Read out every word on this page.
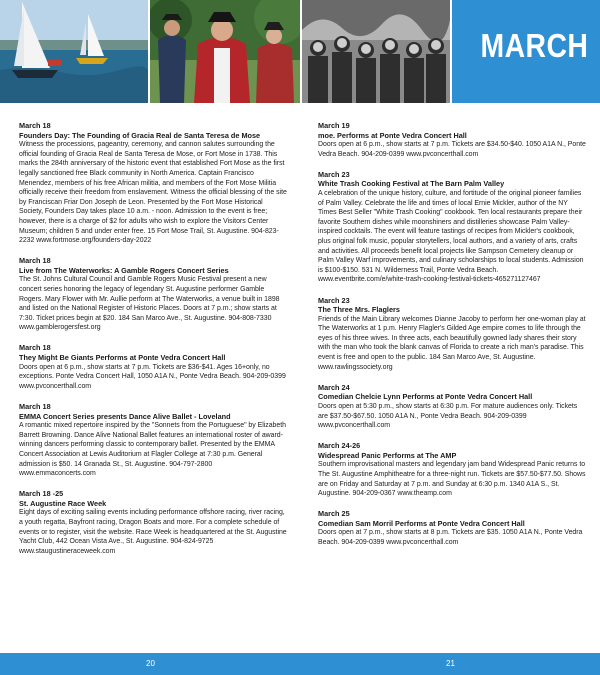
MARCH
March 18
Founders Day: The Founding of Gracia Real de Santa Teresa de Mose
Witness the processions, pageantry, ceremony, and cannon salutes surrounding the official founding of Gracia Real de Santa Teresa de Mose, or Fort Mose in 1738. This marks the 284th anniversary of the historic event that established Fort Mose as the first legally sanctioned free Black community in North America. Captain Francisco Menendez, members of his free African militia, and members of the Fort Mose Militia officially receive their freedom from enslavement. Witness the official blessing of the site by Franciscan Friar Don Joseph de Leon. Presented by the Fort Mose Historical Society, Founders Day takes place 10 a.m. - noon. Admission to the event is free; however, there is a charge of $2 for adults who wish to explore the Visitors Center Museum; children 5 and under enter free. 15 Fort Mose Trail, St. Augustine. 904-823-2232 www.fortmose.org/founders-day-2022
March 18
Live from The Waterworks: A Gamble Rogers Concert Series
The St. Johns Cultural Council and Gamble Rogers Music Festival present a new concert series honoring the legacy of legendary St. Augustine performer Gamble Rogers. Mary Flower with Mr. Aullie perform at The Waterworks, a venue built in 1898 and listed on the National Register of Historic Places. Doors at 7 p.m.; show starts at 7:30. Ticket prices begin at $20. 184 San Marco Ave., St. Augustine. 904-808-7330 www.gamblerogersfest.org
March 18
They Might Be Giants Performs at Ponte Vedra Concert Hall
Doors open at 6 p.m., show starts at 7 p.m. Tickets are $36-$41. Ages 16+only, no exceptions. Ponte Vedra Concert Hall, 1050 A1A N., Ponte Vedra Beach. 904-209-0399 www.pvconcerthall.com
March 18
EMMA Concert Series presents Dance Alive Ballet - Loveland
A romantic mixed repertoire inspired by the "Sonnets from the Portuguese" by Elizabeth Barrett Browning. Dance Alive National Ballet features an international roster of award-winning dancers performing classic to contemporary ballet. Presented by the EMMA Concert Association at Lewis Auditorium at Flagler College at 7:30 p.m. General admission is $50. 14 Granada St., St. Augustine. 904-797-2800 www.emmaconcerts.com
March 18 -25
St. Augustine Race Week
Eight days of exciting sailing events including performance offshore racing, river racing, a youth regatta, Bayfront racing, Dragon Boats and more. For a complete schedule of events or to register, visit the website. Race Week is headquartered at the St. Augustine Yacht Club, 442 Ocean Vista Ave., St. Augustine. 904-824-9725 www.staugustineraceweek.com
March 19
moe. Performs at Ponte Vedra Concert Hall
Doors open at 6 p.m., show starts at 7 p.m. Tickets are $34.50-$40. 1050 A1A N., Ponte Vedra Beach. 904-209-0399 www.pvconcerthall.com
March 23
White Trash Cooking Festival at The Barn Palm Valley
A celebration of the unique history, culture, and fortitude of the original pioneer families of Palm Valley. Celebrate the life and times of local Ernie Mickler, author of the NY Times Best Seller "White Trash Cooking" cookbook. Ten local restaurants prepare their favorite Southern dishes while moonshiners and distilleries showcase Palm Valley-inspired cocktails. The event will feature tastings of recipes from Mickler's cookbook, plus original folk music, popular storytellers, local authors, and a variety of arts, crafts and activities. All proceeds benefit local projects like Sampson Cemetery cleanup or Palm Valley Warf improvements, and culinary scholarships to local students. Admission is $100-$150. 531 N. Wilderness Trail, Ponte Vedra Beach. www.eventbrite.com/e/white-trash-cooking-festival-tickets-465271127467
March 23
The Three Mrs. Flaglers
Friends of the Main Library welcomes Dianne Jacoby to perform her one-woman play at The Waterworks at 1 p.m. Henry Flagler's Gilded Age empire comes to life through the eyes of his three wives. In three acts, each beautifully gowned lady shares their story with the man who took the blank canvas of Florida to create a rich man's paradise. This event is free and open to the public. 184 San Marco Ave, St. Augustine. www.rawlingssociety.org
March 24
Comedian Chelcie Lynn Performs at Ponte Vedra Concert Hall
Doors open at 5:30 p.m., show starts at 6:30 p.m. For mature audiences only. Tickets are $37.50-$67.50. 1050 A1A N., Ponte Vedra Beach. 904-209-0399 www.pvconcerthall.com
March 24-26
Widespread Panic Performs at The AMP
Southern improvisational masters and legendary jam band Widespread Panic returns to The St. Augustine Amphitheatre for a three-night run. Tickets are $57.50-$77.50. Shows are on Friday and Saturday at 7 p.m. and Sunday at 6:30 p.m. 1340 A1A S., St. Augustine. 904-209-0367 www.theamp.com
March 25
Comedian Sam Morril Performs at Ponte Vedra Concert Hall
Doors open at 7 p.m., show starts at 8 p.m. Tickets are $35. 1050 A1A N., Ponte Vedra Beach. 904-209-0399 www.pvconcerthall.com
20	21
